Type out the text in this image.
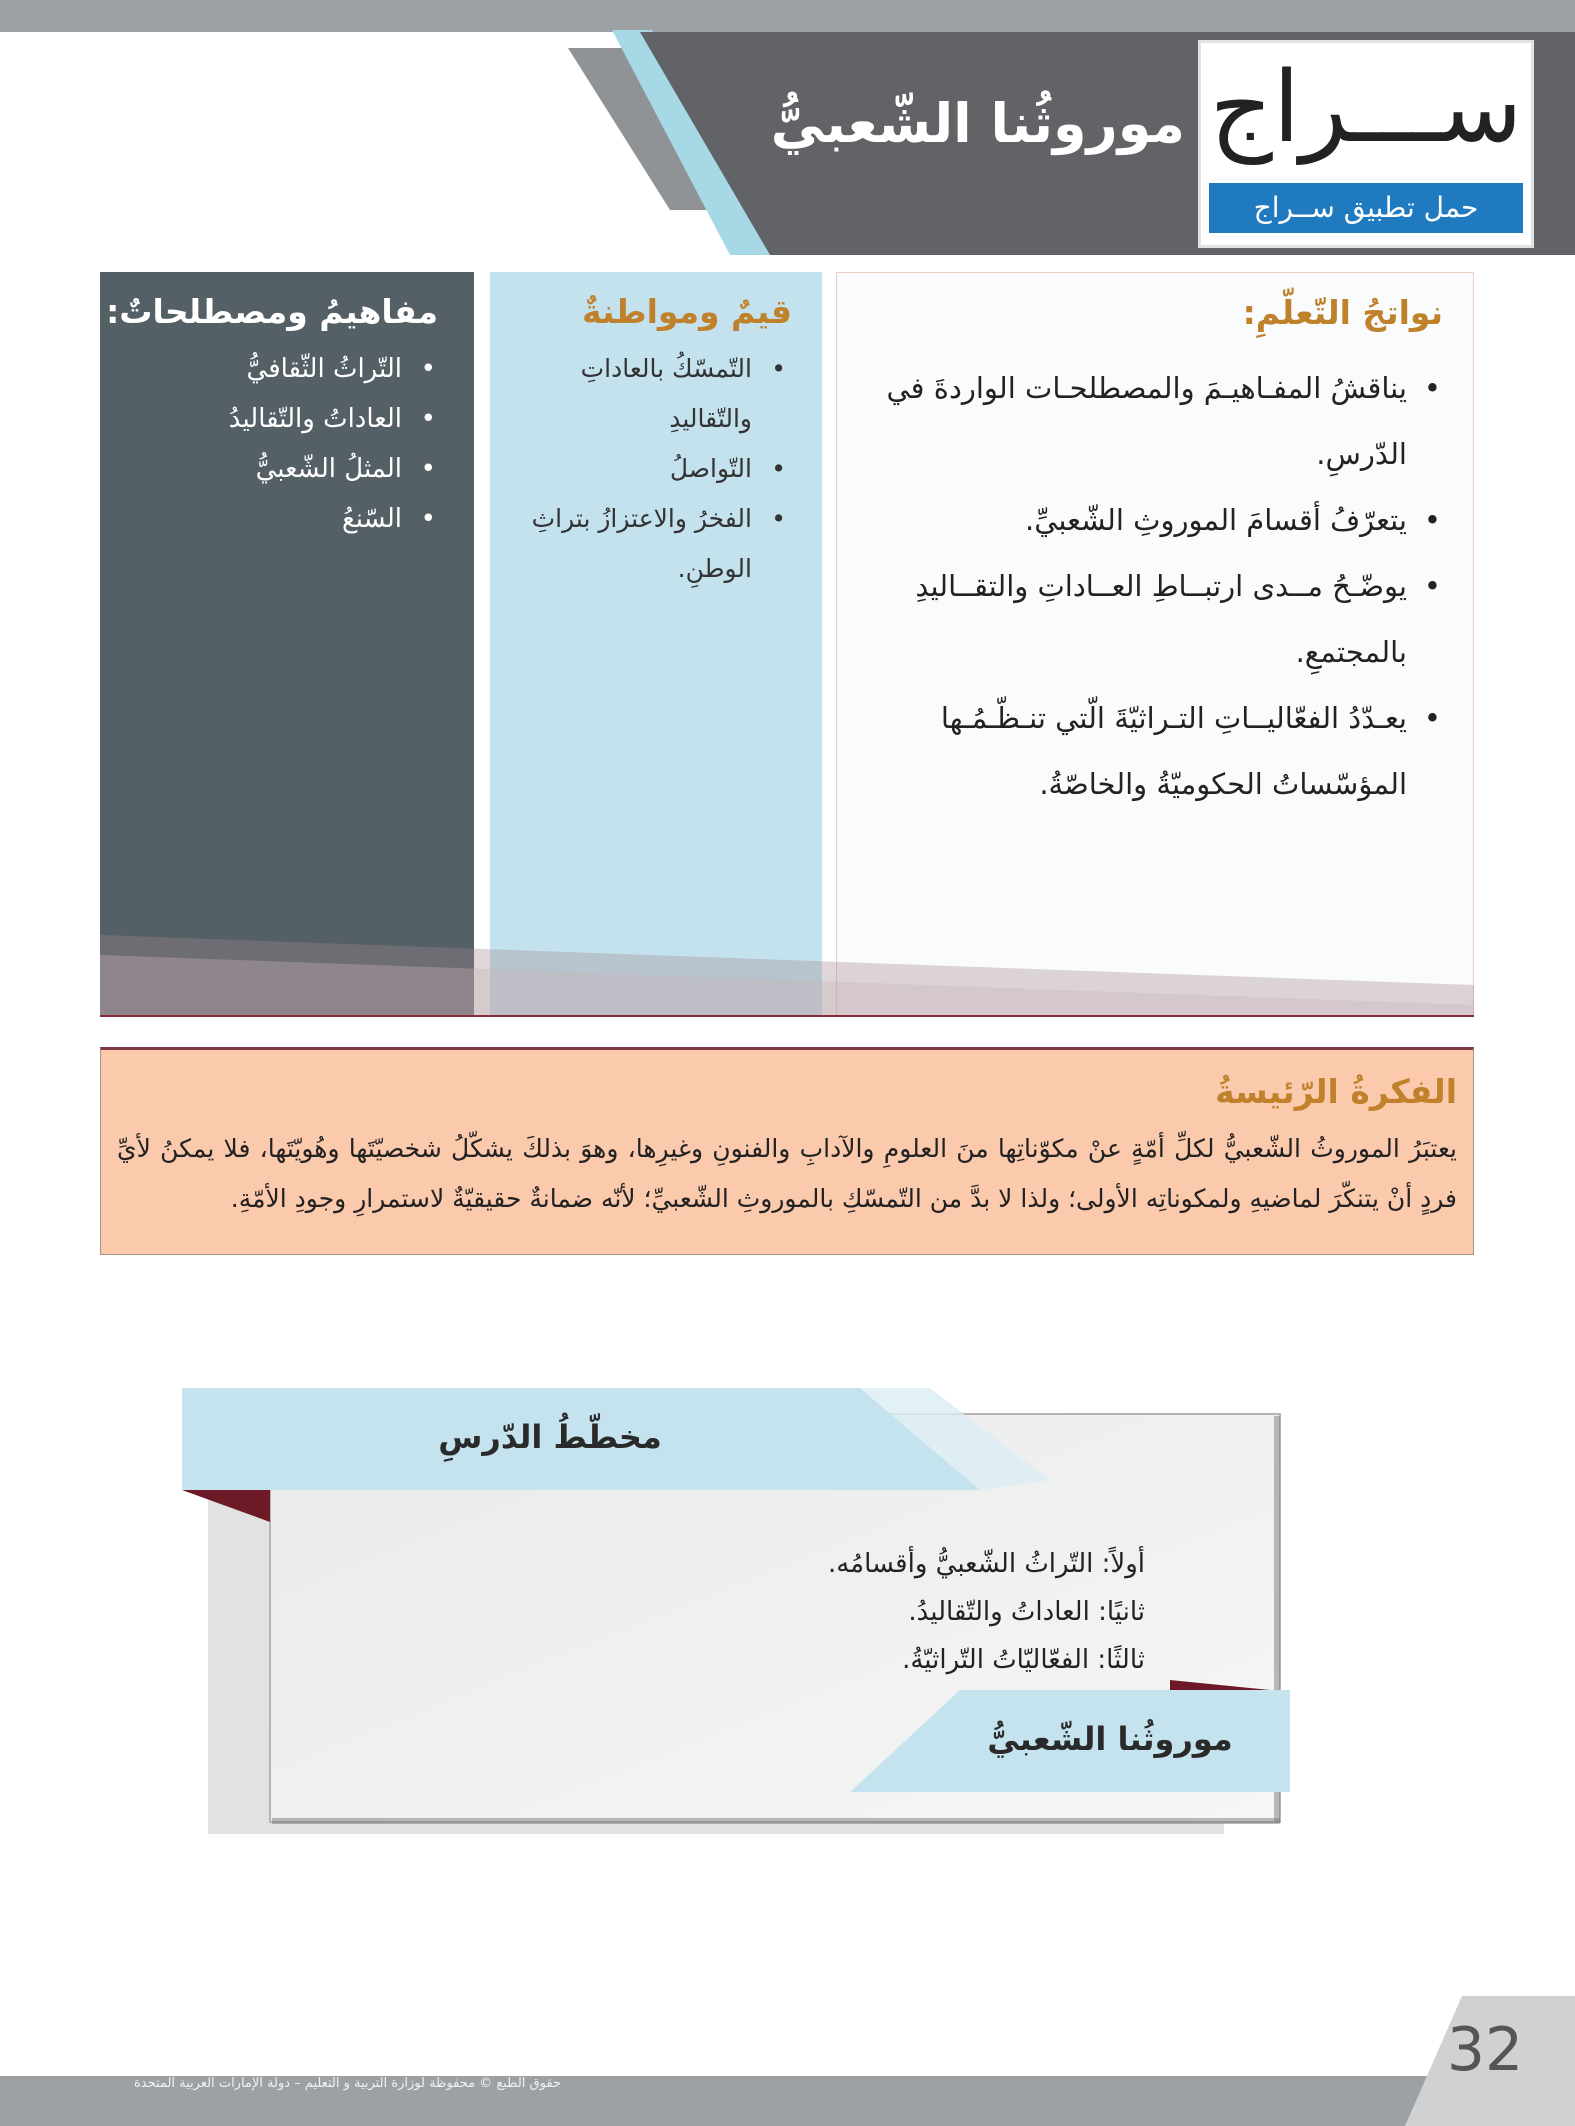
موروثُنا الشّعبيُّ ســـراج
حمل تطبيق ســراج
مفاهيمُ ومصطلحاتٌ:
• التّراثُ الثّقافيُّ
• العاداتُ والتّقاليدُ
• المثلُ الشّعبيُّ
• السّنعُ
قيمٌ ومواطنةٌ
• التّمسّكُ بالعاداتِ والتّقاليدِ
• التّواصلُ
• الفخرُ والاعتزازُ بتراثِ الوطنِ.
نواتجُ التّعلّمِ:
• يناقشُ المفـاهيـمَ والمصطلحـات الواردةَ في الدّرسِ.
• يتعرّفُ أقسامَ الموروثِ الشّعبيِّ.
• يوضّـحُ مــدى ارتبــاطِ العــاداتِ والتقــاليدِ بالمجتمعِ.
• يعـدّدُ الفعّاليــاتِ التـراثيّةَ الّتي تنـظّـمُـها المؤسّساتُ الحكوميّةُ والخاصّةُ.
الفكرةُ الرّئيسةُ

يعتبَرُ الموروثُ الشّعبيُّ لكلِّ أمّةٍ عنْ مكوّناتِها منَ العلومِ والآدابِ والفنونِ وغيرِها، وهوَ بذلكَ يشكّلُ شخصيّتَها وهُويّتَها، فلا يمكنُ لأيِّ فردٍ أنْ يتنكّرَ لماضيهِ ولمكوناتِه الأولى؛ ولذا لا بدَّ من التّمسّكِ بالموروثِ الشّعبيِّ؛ لأنّه ضمانةٌ حقيقيّةٌ لاستمرارِ وجودِ الأمّةِ.

مخطّطُ الدّرسِ
أولاً: التّراثُ الشّعبيُّ وأقسامُه.
ثانيًا: العاداتُ والتّقاليدُ.
ثالثًا: الفعّاليّاتُ التّراثيّةُ.
موروثُنا الشّعبيُّ
32
حقوق الطبع © محفوظة لوزارة التربية و التعليم – دولة الإمارات العربية المتحدة
